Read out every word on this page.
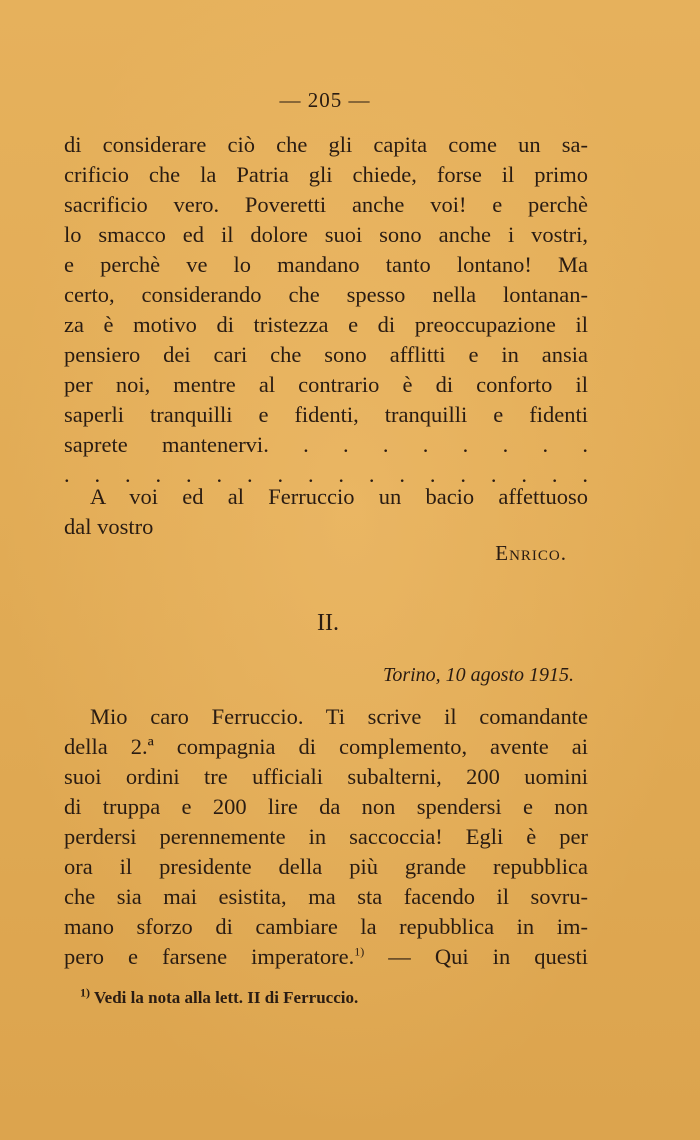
— 205 —
di considerare ciò che gli capita come un sa-
crificio che la Patria gli chiede, forse il primo
sacrificio vero. Poveretti anche voi! e perchè
lo smacco ed il dolore suoi sono anche i vostri,
e perchè ve lo mandano tanto lontano! Ma
certo, considerando che spesso nella lontanan-
za è motivo di tristezza e di preoccupazione il
pensiero dei cari che sono afflitti e in ansia
per noi, mentre al contrario è di conforto il
saperli tranquilli e fidenti, tranquilli e fidenti
saprete mantenervi. . . . . . . . .
. . . . . . . . . . . . . . . . . .
A voi ed al Ferruccio un bacio affettuoso
dal vostro
Enrico.
II.
Torino, 10 agosto 1915.
Mio caro Ferruccio. Ti scrive il comandante
della 2.ª compagnia di complemento, avente ai
suoi ordini tre ufficiali subalterni, 200 uomini
di truppa e 200 lire da non spendersi e non
perdersi perennemente in saccoccia! Egli è per
ora il presidente della più grande repubblica
che sia mai esistita, ma sta facendo il sovru-
mano sforzo di cambiare la repubblica in im-
pero e farsene imperatore.$^{1)}$ — Qui in questi
$^{1)}$ Vedi la nota alla lett. II di Ferruccio.
